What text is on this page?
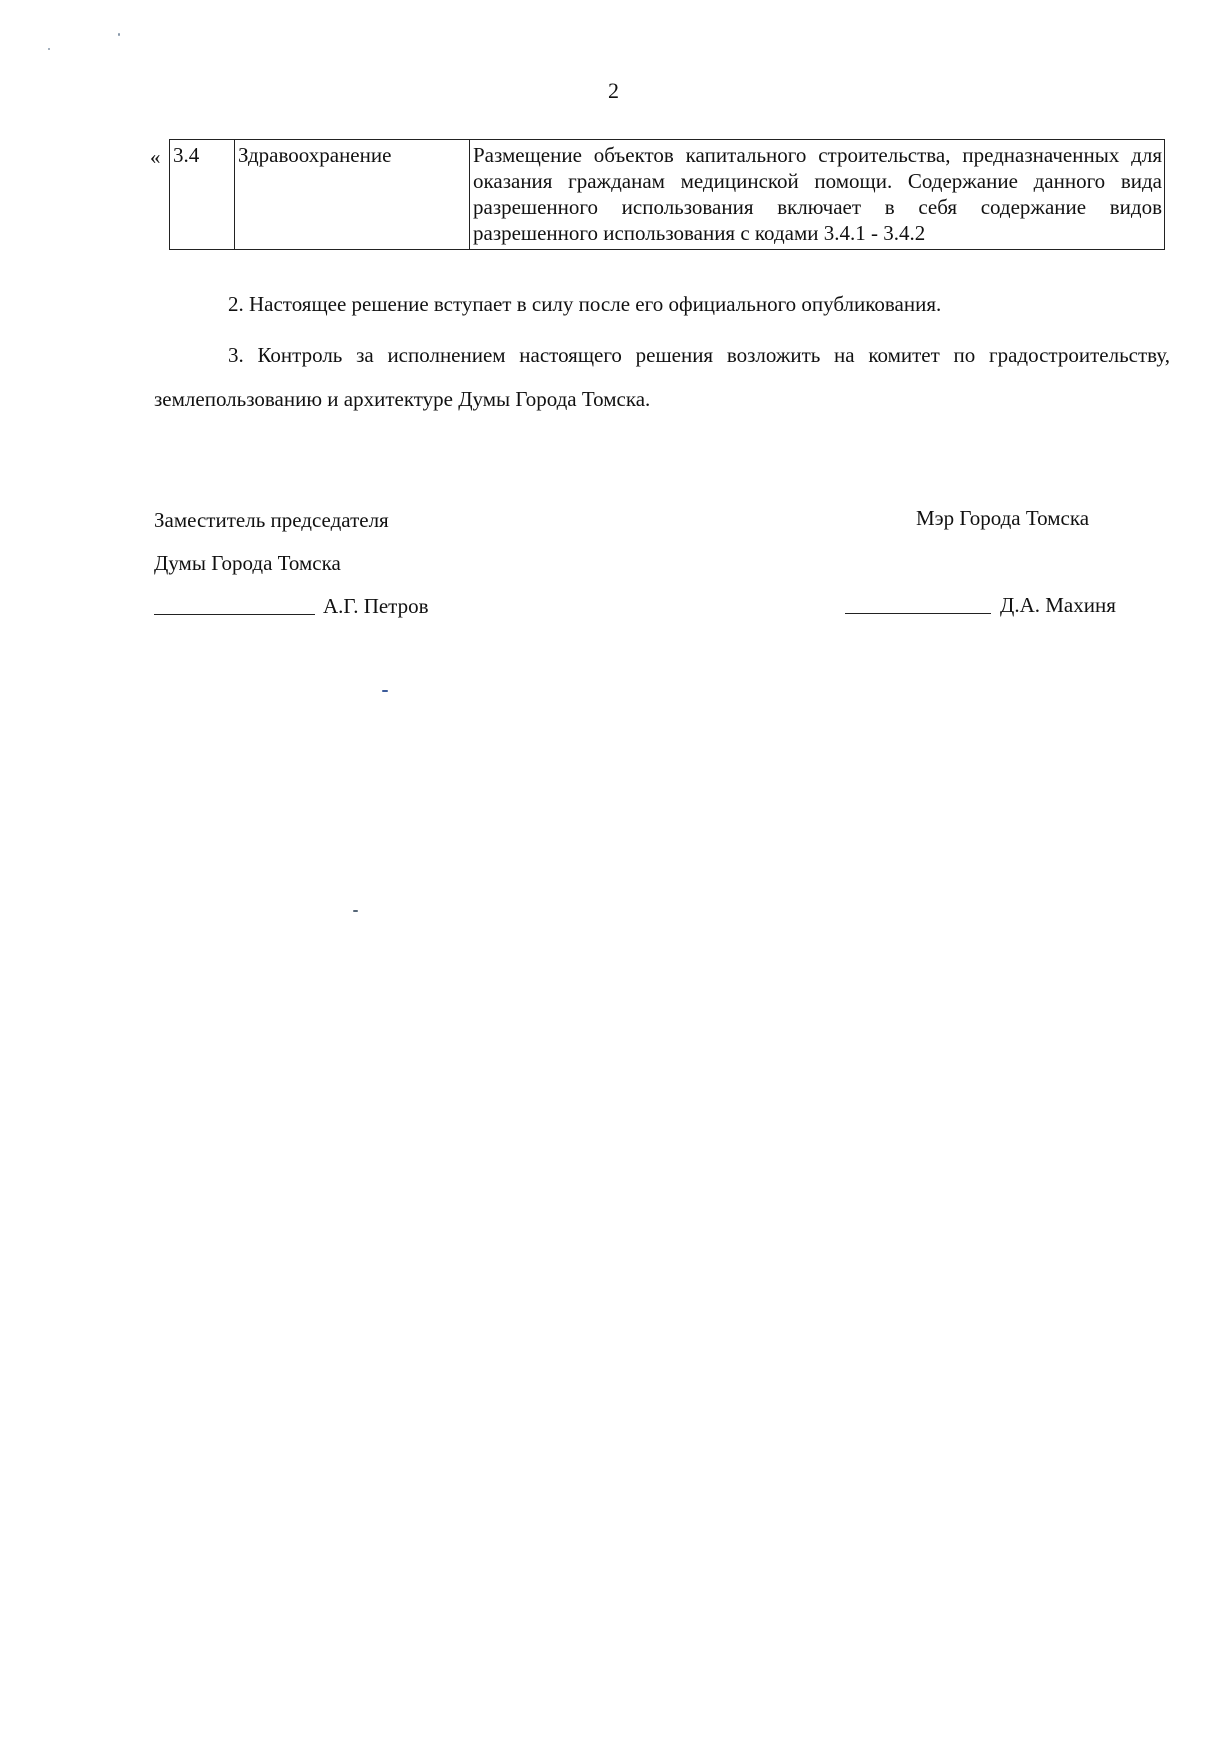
2
« 3.4	Здравоохранение	Размещение объектов капитального строительства, предназначенных для оказания гражданам медицинской помощи. Содержание данного вида разрешенного использования включает в себя содержание видов разрешенного использования с кодами 3.4.1 - 3.4.2
2. Настоящее решение вступает в силу после его официального опубликования.
3. Контроль за исполнением настоящего решения возложить на комитет по градостроительству, землепользованию и архитектуре Думы Города Томска.
Заместитель председателя
Думы Города Томска
А.Г. Петров
Мэр Города Томска
Д.А. Махиня
